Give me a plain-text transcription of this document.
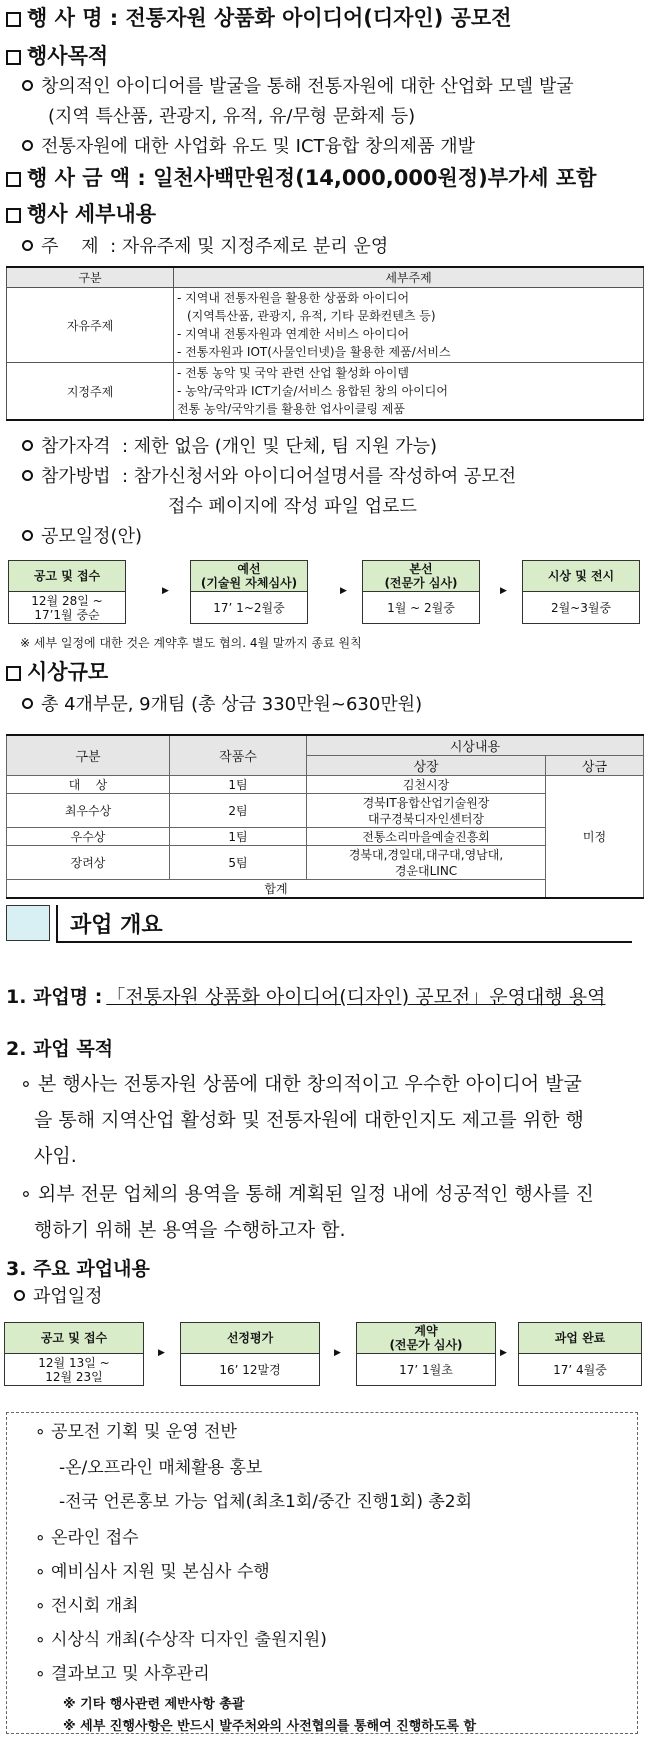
행 사 명 : 전통자원 상품화 아이디어(디자인) 공모전
행사목적
창의적인 아이디어를 발굴을 통해 전통자원에 대한 산업화 모델 발굴
(지역 특산품, 관광지, 유적, 유/무형 문화제 등)
전통자원에 대한 사업화 유도 및 ICT융합 창의제품 개발
행 사 금 액 : 일천사백만원정(14,000,000원정)부가세 포함
행사 세부내용
주    제  : 자유주제 및 지정주제로 분리 운영
구분	세부주제
자유주제	- 지역내 전통자원을 활용한 상품화 아이디어
(지역특산품, 관광지, 유적, 기타 문화컨텐츠 등)
- 지역내 전통자원과 연계한 서비스 아이디어
- 전통자원과 IOT(사물인터넷)을 활용한 제품/서비스

지정주제	- 전통 농악 및 국악 관련 산업 활성화 아이템
- 농악/국악과 ICT기술/서비스 융합된 창의 아이디어
전통 농악/국악기를 활용한 업사이클링 제품
참가자격  : 제한 없음 (개인 및 단체, 팀 지원 가능)
참가방법  : 참가신청서와 아이디어설명서를 작성하여 공모전
접수 페이지에 작성 파일 업로드
공모일정(안)
공고 및 접수
12월 28일 ~
17’1월 중순
▶
예선
(기술원 자체심사)
17’ 1~2월중
▶
본선
(전문가 심사)
1월 ~ 2월중
▶
시상 및 전시
2월~3월중
※ 세부 일정에 대한 것은 계약후 별도 협의. 4월 말까지 종료 원칙
시상규모
총 4개부문, 9개팀 (총 상금 330만원~630만원)
구분	작품수	시상내용	
		상장	상금
대    상	1팀	김천시장	미정
최우수상	2팀	경북IT융합산업기술원장
대구경북디자인센터장	
우수상	1팀	전통소리마을예술진흥회	
장려상	5팀	경북대,경일대,대구대,영남대,
경운대LINC	
합계			
과업 개요
1. 과업명 : 「전통자원 상품화 아이디어(디자인) 공모전」운영대행 용역
2. 과업 목적
∘ 본 행사는 전통자원 상품에 대한 창의적이고 우수한 아이디어 발굴
을 통해 지역산업 활성화 및 전통자원에 대한인지도 제고를 위한 행
사임.
∘ 외부 전문 업체의 용역을 통해 계획된 일정 내에 성공적인 행사를 진
행하기 위해 본 용역을 수행하고자 함.
3. 주요 과업내용
과업일정
공고 및 접수
12월 13일 ~
12월 23일
▶
선정평가
16’ 12말경
▶
계약
(전문가 심사)
17’ 1월초
▶
과업 완료
17’ 4월중
∘ 공모전 기획 및 운영 전반
-온/오프라인 매체활용 홍보
-전국 언론홍보 가능 업체(최초1회/중간 진행1회) 총2회
∘ 온라인 접수
∘ 예비심사 지원 및 본심사 수행
∘ 전시회 개최
∘ 시상식 개최(수상작 디자인 출원지원)
∘ 결과보고 및 사후관리
※ 기타 행사관련 제반사항 총괄
※ 세부 진행사항은 반드시 발주처와의 사전협의를 통해여 진행하도록 함
